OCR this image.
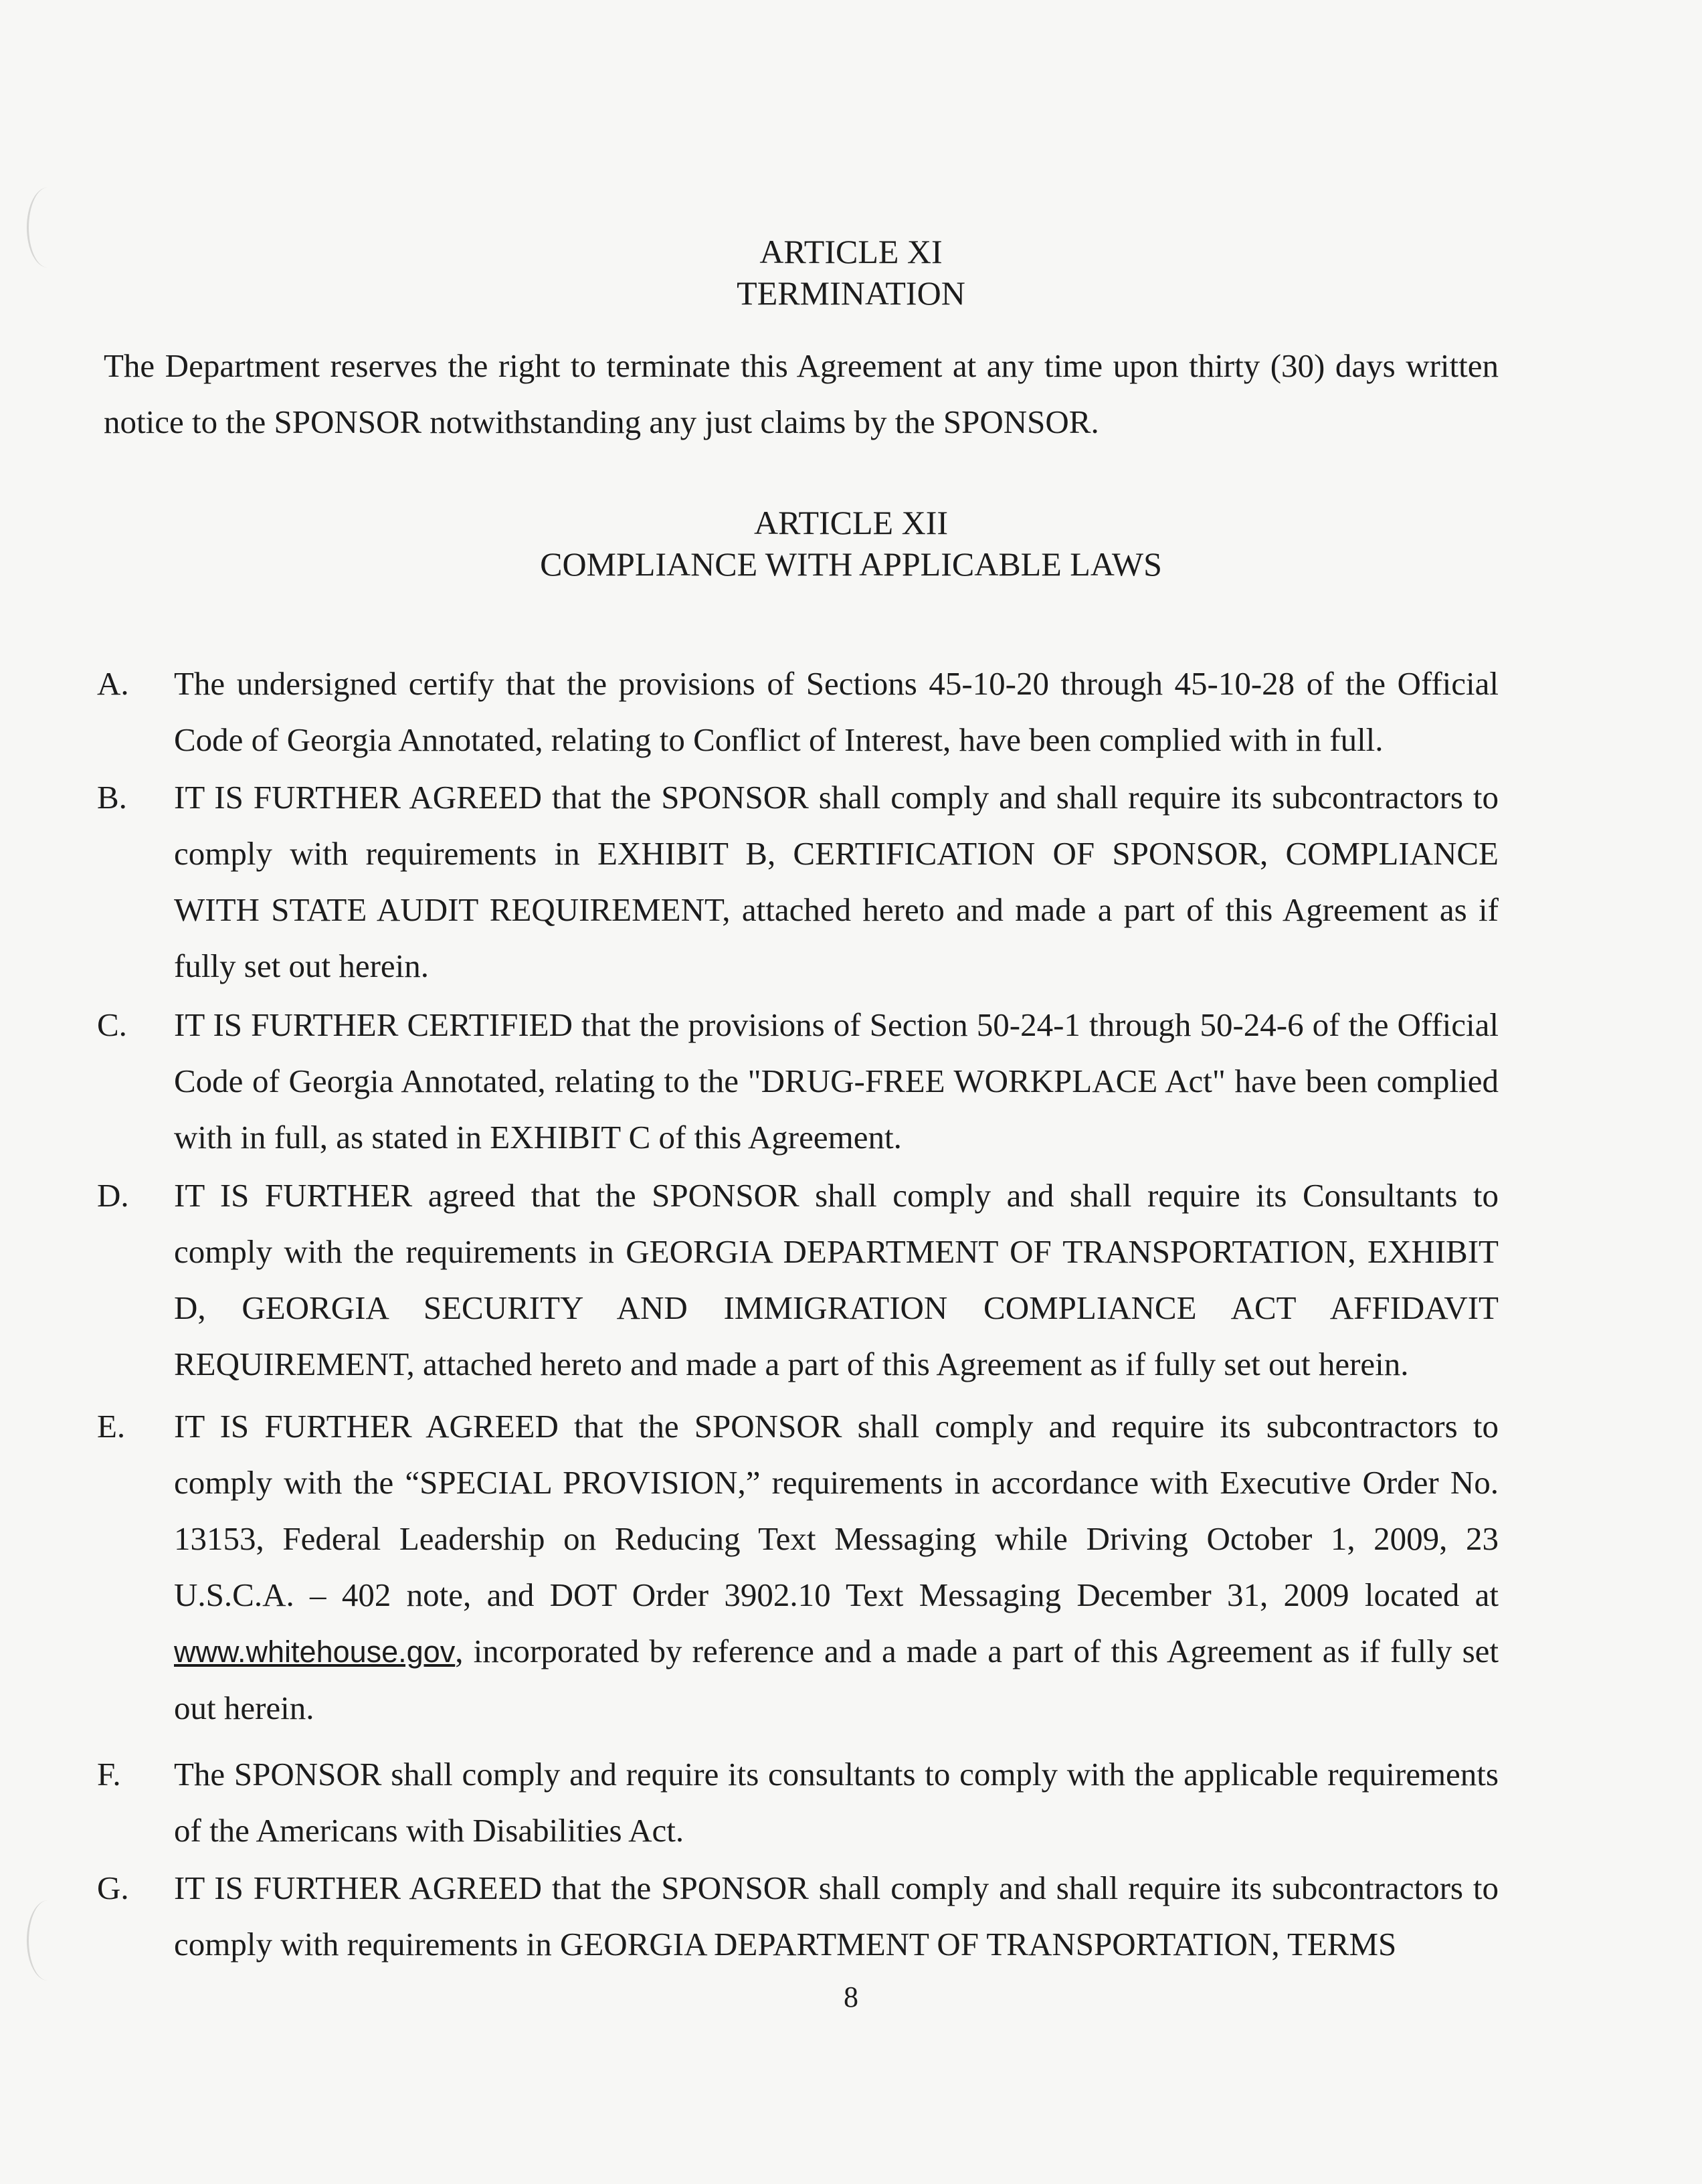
ARTICLE XI
TERMINATION
The Department reserves the right to terminate this Agreement at any time upon thirty (30) days written notice to the SPONSOR notwithstanding any just claims by the SPONSOR.
ARTICLE XII
COMPLIANCE WITH APPLICABLE LAWS
A.	The undersigned certify that the provisions of Sections 45-10-20 through 45-10-28 of the Official Code of Georgia Annotated, relating to Conflict of Interest, have been complied with in full.
B.	IT IS FURTHER AGREED that the SPONSOR shall comply and shall require its subcontractors to comply with requirements in EXHIBIT B, CERTIFICATION OF SPONSOR, COMPLIANCE WITH STATE AUDIT REQUIREMENT, attached hereto and made a part of this Agreement as if fully set out herein.
C.	IT IS FURTHER CERTIFIED that the provisions of Section 50-24-1 through 50-24-6 of the Official Code of Georgia Annotated, relating to the "DRUG-FREE WORKPLACE Act" have been complied with in full, as stated in EXHIBIT C of this Agreement.
D.	IT IS FURTHER agreed that the SPONSOR shall comply and shall require its Consultants to comply with the requirements in GEORGIA DEPARTMENT OF TRANSPORTATION, EXHIBIT D, GEORGIA SECURITY AND IMMIGRATION COMPLIANCE ACT AFFIDAVIT REQUIREMENT, attached hereto and made a part of this Agreement as if fully set out herein.
E.	IT IS FURTHER AGREED that the SPONSOR shall comply and require its subcontractors to comply with the “SPECIAL PROVISION,” requirements in accordance with Executive Order No. 13153, Federal Leadership on Reducing Text Messaging while Driving October 1, 2009, 23 U.S.C.A. – 402 note, and DOT Order 3902.10 Text Messaging December 31, 2009 located at www.whitehouse.gov, incorporated by reference and a made a part of this Agreement as if fully set out herein.
F.	The SPONSOR shall comply and require its consultants to comply with the applicable requirements of the Americans with Disabilities Act.
G.	IT IS FURTHER AGREED that the SPONSOR shall comply and shall require its subcontractors to comply with requirements in GEORGIA DEPARTMENT OF TRANSPORTATION, TERMS
8
